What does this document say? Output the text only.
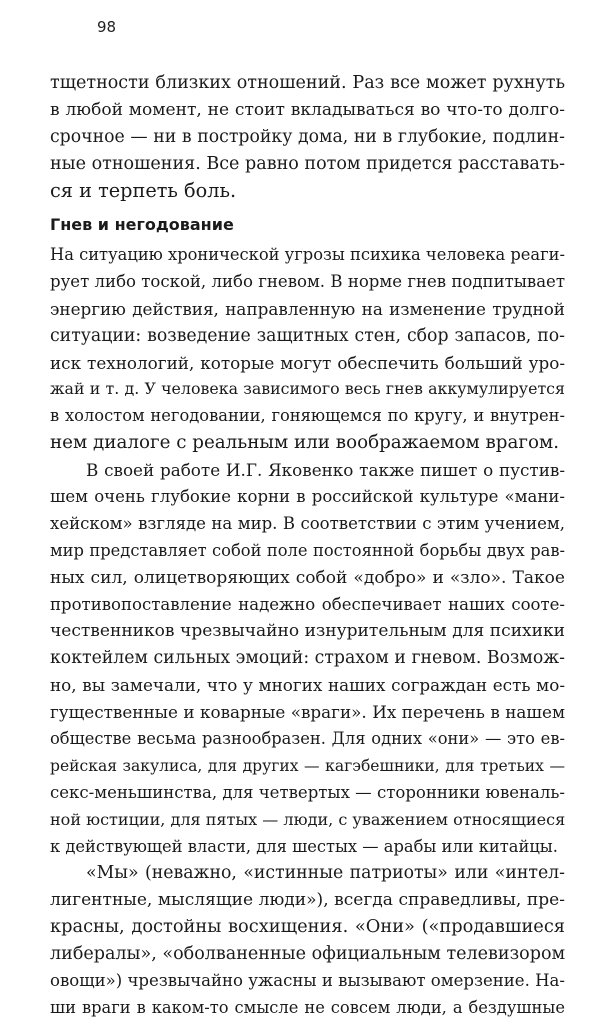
98
тщетности близких отношений. Раз все может рухнуть
в любой момент, не стоит вкладываться во что-то долго-
срочное — ни в постройку дома, ни в глубокие, подлин-
ные отношения. Все равно потом придется расставать-
ся и терпеть боль.
Гнев и негодование
На ситуацию хронической угрозы психика человека реаги-
рует либо тоской, либо гневом. В норме гнев подпитывает
энергию действия, направленную на изменение трудной
ситуации: возведение защитных стен, сбор запасов, по-
иск технологий, которые могут обеспечить больший уро-
жай и т. д. У человека зависимого весь гнев аккумулируется
в холостом негодовании, гоняющемся по кругу, и внутрен-
нем диалоге с реальным или воображаемом врагом.
В своей работе И.Г. Яковенко также пишет о пустив-
шем очень глубокие корни в российской культуре «мани-
хейском» взгляде на мир. В соответствии с этим учением,
мир представляет собой поле постоянной борьбы двух рав-
ных сил, олицетворяющих собой «добро» и «зло». Такое
противопоставление надежно обеспечивает наших сооте-
чественников чрезвычайно изнурительным для психики
коктейлем сильных эмоций: страхом и гневом. Возмож-
но, вы замечали, что у многих наших сограждан есть мо-
гущественные и коварные «враги». Их перечень в нашем
обществе весьма разнообразен. Для одних «они» — это ев-
рейская закулиса, для других — кагэбешники, для третьих —
секс-меньшинства, для четвертых — сторонники ювеналь-
ной юстиции, для пятых — люди, с уважением относящиеся
к действующей власти, для шестых — арабы или китайцы.
«Мы» (неважно, «истинные патриоты» или «интел-
лигентные, мыслящие люди»), всегда справедливы, пре-
красны, достойны восхищения. «Они» («продавшиеся
либералы», «оболваненные официальным телевизором
овощи») чрезвычайно ужасны и вызывают омерзение. На-
ши враги в каком-то смысле не совсем люди, а бездушные
